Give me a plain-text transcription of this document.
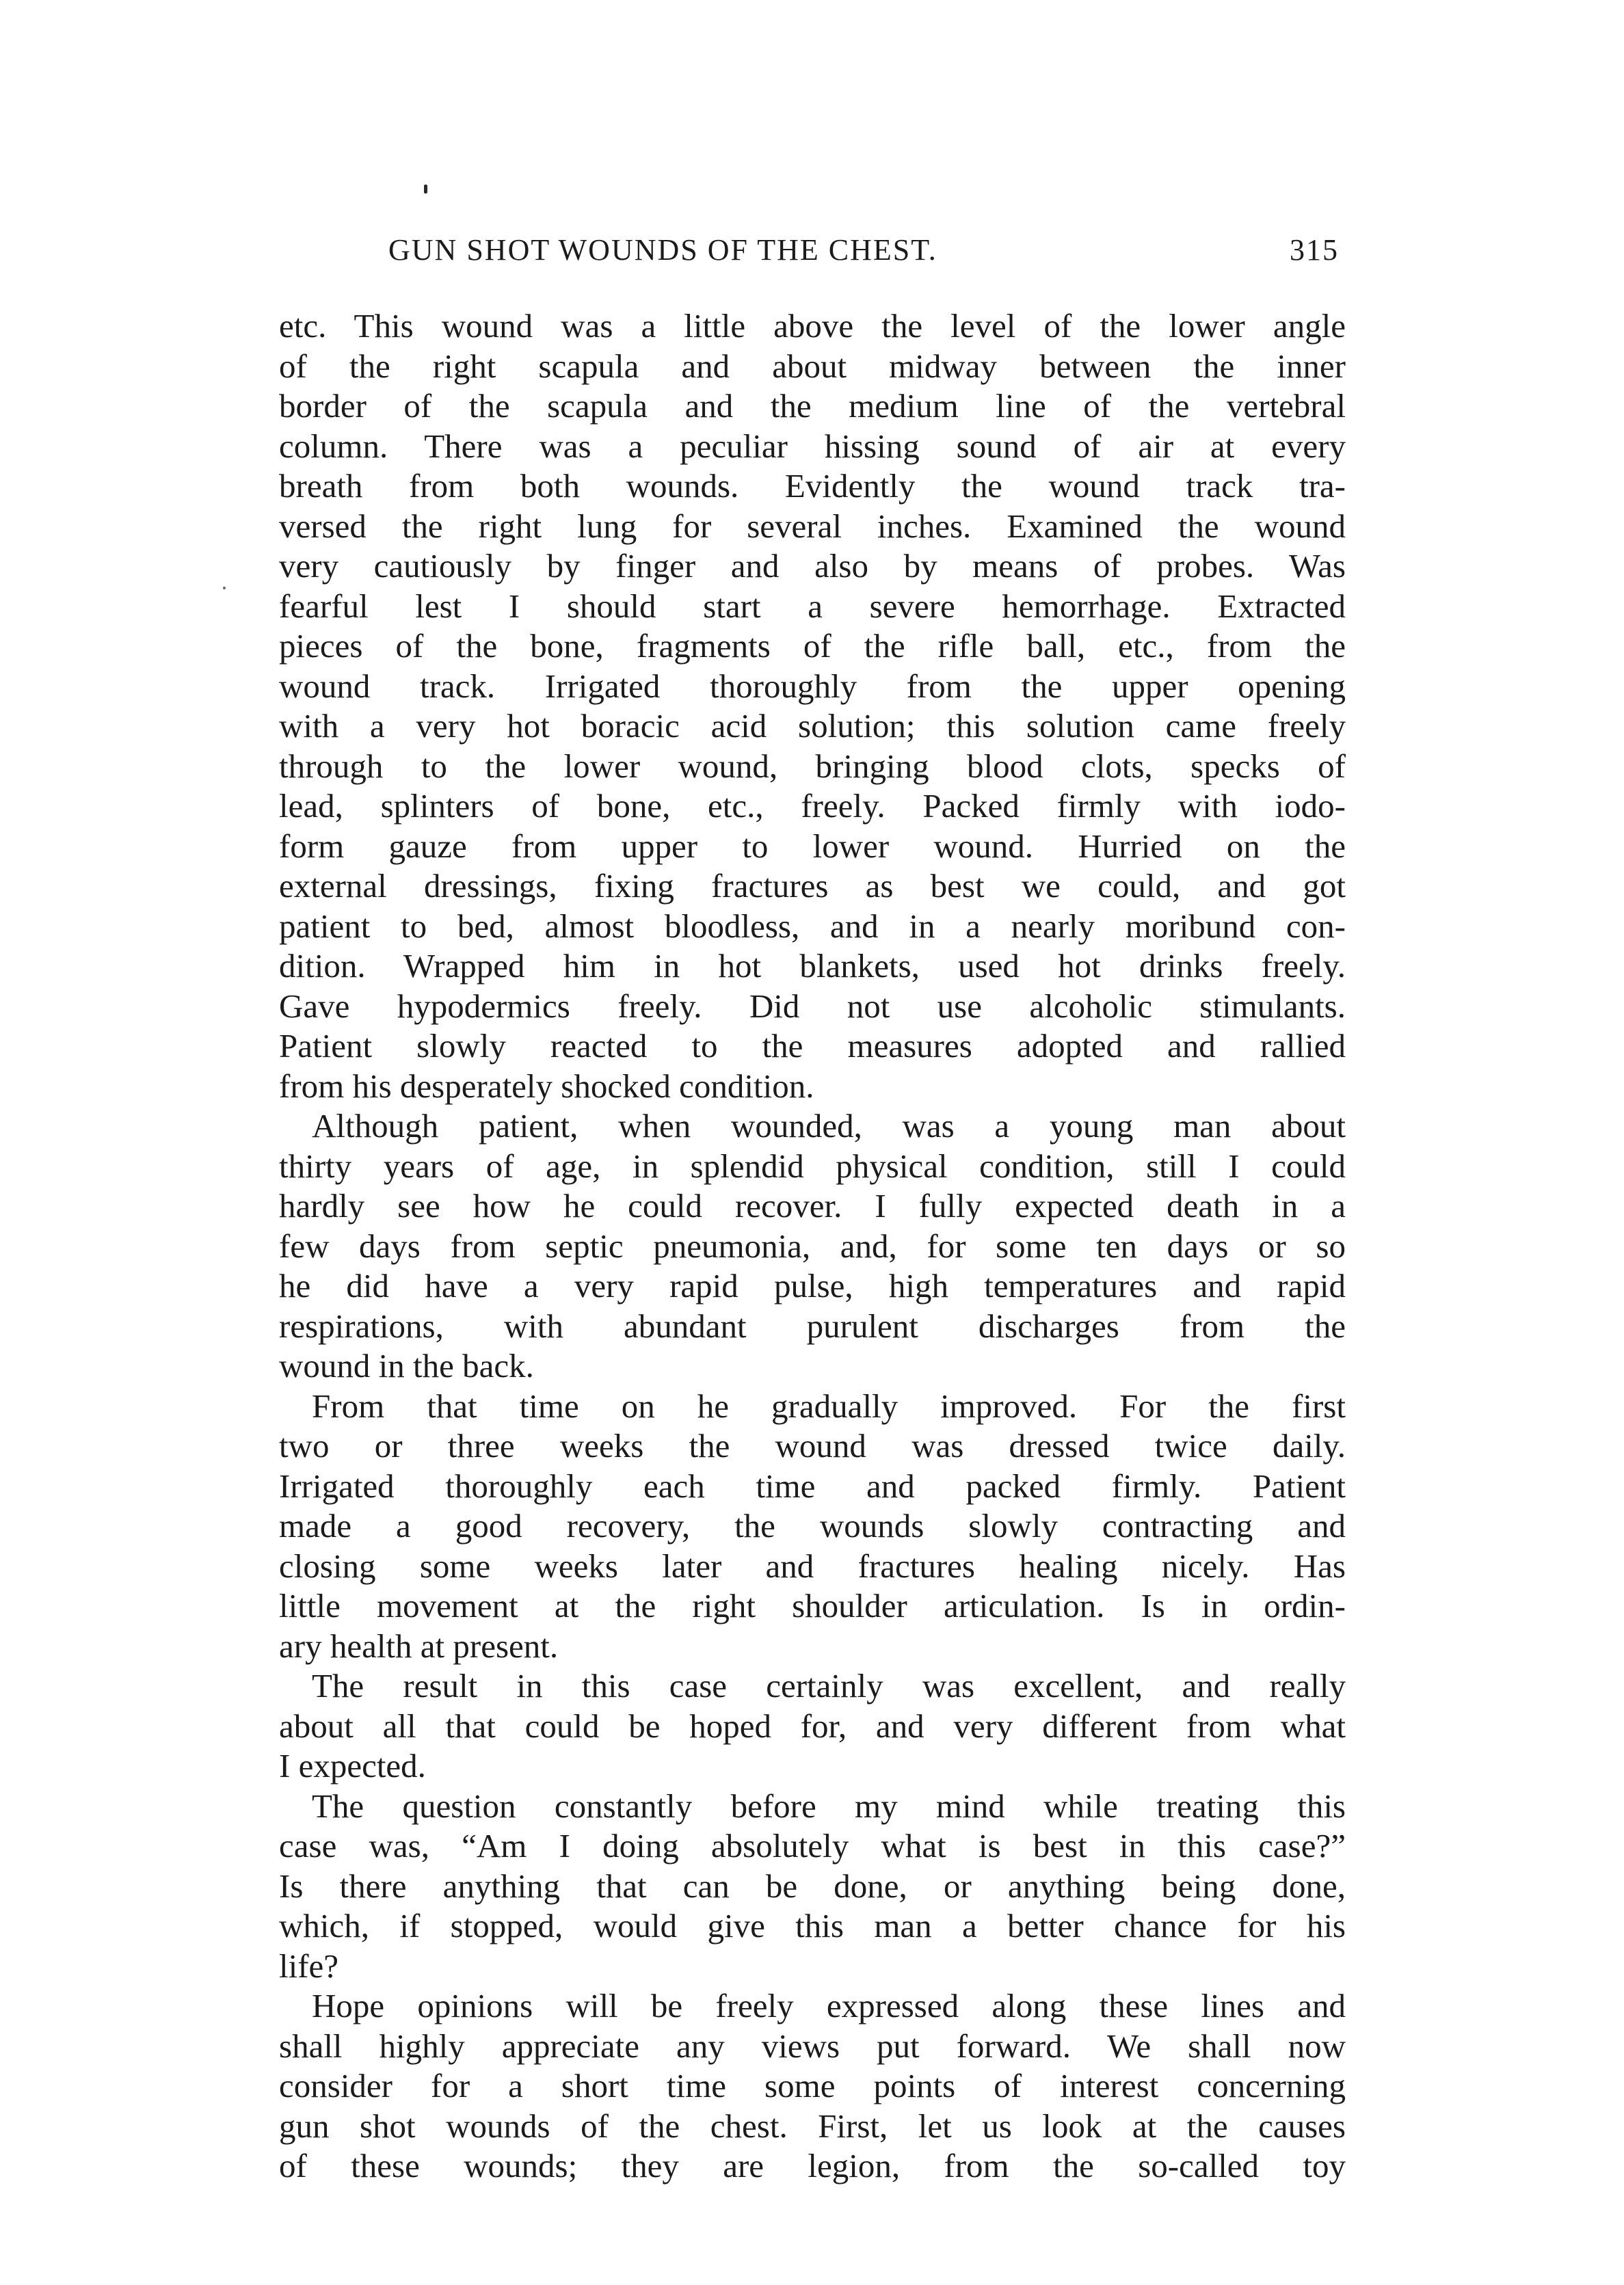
GUN SHOT WOUNDS OF THE CHEST.	315
etc. This wound was a little above the level of the lower angle
of the right scapula and about midway between the inner
border of the scapula and the medium line of the vertebral
column. There was a peculiar hissing sound of air at every
breath from both wounds. Evidently the wound track tra-
versed the right lung for several inches. Examined the wound
very cautiously by finger and also by means of probes. Was
fearful lest I should start a severe hemorrhage. Extracted
pieces of the bone, fragments of the rifle ball, etc., from the
wound track. Irrigated thoroughly from the upper opening
with a very hot boracic acid solution; this solution came freely
through to the lower wound, bringing blood clots, specks of
lead, splinters of bone, etc., freely. Packed firmly with iodo-
form gauze from upper to lower wound. Hurried on the
external dressings, fixing fractures as best we could, and got
patient to bed, almost bloodless, and in a nearly moribund con-
dition. Wrapped him in hot blankets, used hot drinks freely.
Gave hypodermics freely. Did not use alcoholic stimulants.
Patient slowly reacted to the measures adopted and rallied
from his desperately shocked condition.
Although patient, when wounded, was a young man about
thirty years of age, in splendid physical condition, still I could
hardly see how he could recover. I fully expected death in a
few days from septic pneumonia, and, for some ten days or so
he did have a very rapid pulse, high temperatures and rapid
respirations, with abundant purulent discharges from the
wound in the back.
From that time on he gradually improved. For the first
two or three weeks the wound was dressed twice daily.
Irrigated thoroughly each time and packed firmly. Patient
made a good recovery, the wounds slowly contracting and
closing some weeks later and fractures healing nicely. Has
little movement at the right shoulder articulation. Is in ordin-
ary health at present.
The result in this case certainly was excellent, and really
about all that could be hoped for, and very different from what
I expected.
The question constantly before my mind while treating this
case was, “Am I doing absolutely what is best in this case?”
Is there anything that can be done, or anything being done,
which, if stopped, would give this man a better chance for his
life?
Hope opinions will be freely expressed along these lines and
shall highly appreciate any views put forward. We shall now
consider for a short time some points of interest concerning
gun shot wounds of the chest. First, let us look at the causes
of these wounds; they are legion, from the so-called toy
